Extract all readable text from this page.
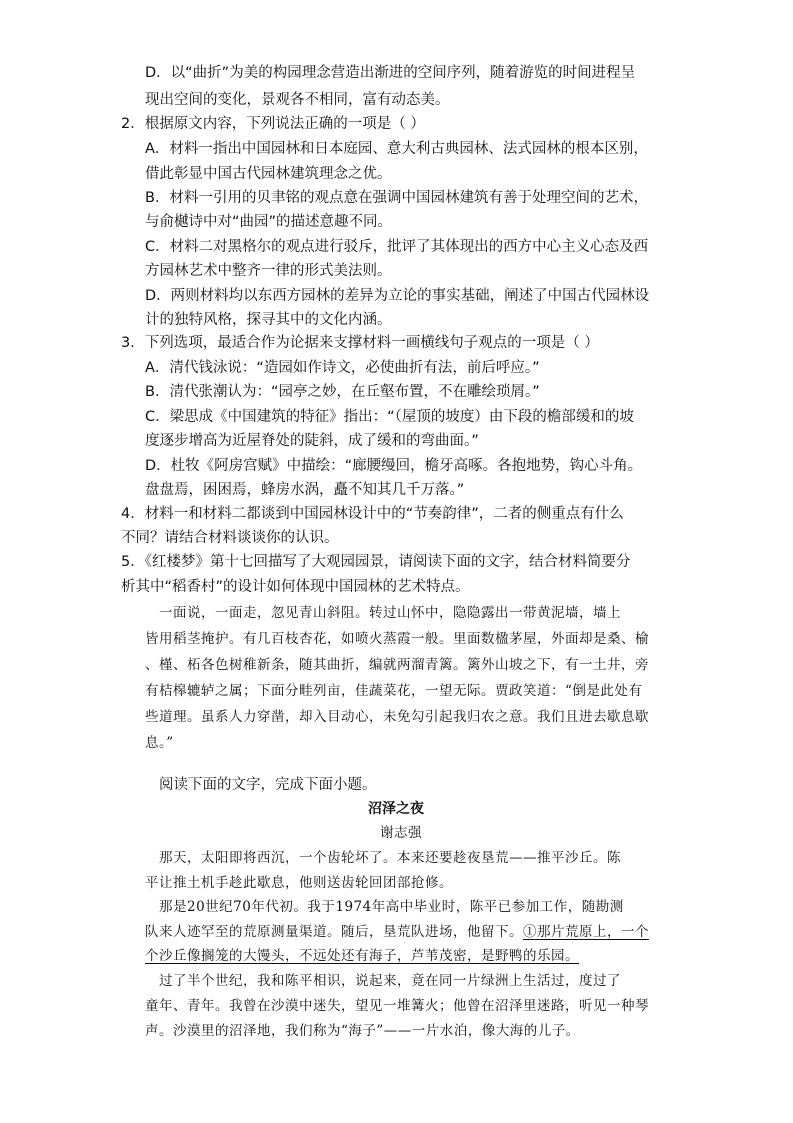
D．以“曲折”为美的构园理念营造出渐进的空间序列，随着游览的时间进程呈

现出空间的变化，景观各不相同，富有动态美。

2．根据原文内容，下列说法正确的一项是（ ）

A．材料一指出中国园林和日本庭园、意大利古典园林、法式园林的根本区别，

借此彰显中国古代园林建筑理念之优。

B．材料一引用的贝聿铭的观点意在强调中国园林建筑有善于处理空间的艺术，

与俞樾诗中对“曲园”的描述意趣不同。

C．材料二对黑格尔的观点进行驳斥，批评了其体现出的西方中心主义心态及西

方园林艺术中整齐一律的形式美法则。

D．两则材料均以东西方园林的差异为立论的事实基础，阐述了中国古代园林设

计的独特风格，探寻其中的文化内涵。

3．下列选项，最适合作为论据来支撑材料一画横线句子观点的一项是（ ）

A．清代钱泳说：“造园如作诗文，必使曲折有法，前后呼应。”

B．清代张潮认为：“园亭之妙，在丘壑布置，不在雕绘琐屑。”

C．梁思成《中国建筑的特征》指出：“（屋顶的坡度）由下段的檐部缓和的坡

度逐步增高为近屋脊处的陡斜，成了缓和的弯曲面。”

D．杜牧《阿房宫赋》中描绘：“廊腰缦回，檐牙高啄。各抱地势，钩心斗角。

盘盘焉，困困焉，蜂房水涡，矗不知其几千万落。”

4．材料一和材料二都谈到中国园林设计中的“节奏韵律”，二者的侧重点有什么

不同？请结合材料谈谈你的认识。

5．《红楼梦》第十七回描写了大观园园景，请阅读下面的文字，结合材料简要分

析其中“稻香村”的设计如何体现中国园林的艺术特点。

一面说，一面走，忽见青山斜阻。转过山怀中，隐隐露出一带黄泥墙，墙上

皆用稻茎掩护。有几百枝杏花，如喷火蒸霞一般。里面数楹茅屋，外面却是桑、榆

、槿、柘各色树稚新条，随其曲折，编就两溜青篱。篱外山坡之下，有一土井，旁

有桔槔辘轳之属；下面分畦列亩，佳蔬菜花，一望无际。贾政笑道：“倒是此处有

些道理。虽系人力穿凿，却入目动心，未免勾引起我归农之意。我们且进去歇息歇

息。”

阅读下面的文字，完成下面小题。

沼泽之夜

谢志强

那天，太阳即将西沉，一个齿轮坏了。本来还要趁夜垦荒——推平沙丘。陈

平让推土机手趁此歇息，他则送齿轮回团部抢修。

那是20世纪70年代初。我于1974年高中毕业时，陈平已参加工作，随勘测

队来人迹罕至的荒原测量渠道。随后，垦荒队进场，他留下。①那片荒原上，一个

个沙丘像搁笼的大馒头，不远处还有海子，芦苇茂密，是野鸭的乐园。

过了半个世纪，我和陈平相识，说起来，竟在同一片绿洲上生活过，度过了

童年、青年。我曾在沙漠中迷失，望见一堆篝火；他曾在沼泽里迷路，听见一种琴

声。沙漠里的沼泽地，我们称为“海子”——一片水泊，像大海的儿子。
